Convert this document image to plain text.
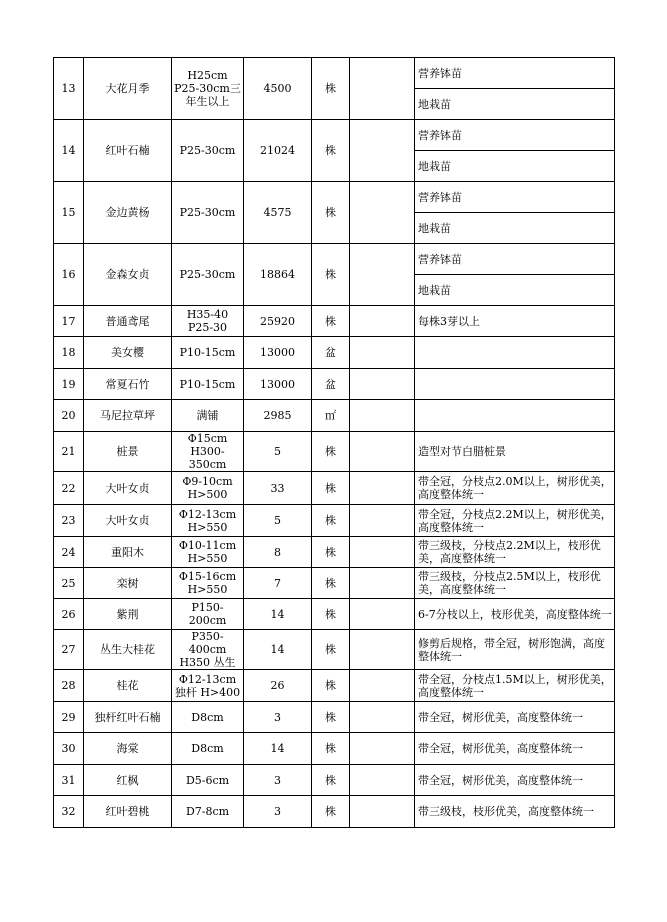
13	大花月季	H25cm
P25-30cm三年生以上	4500	株		营养钵苗
						地栽苗
14	红叶石楠	P25-30cm	21024	株		营养钵苗
						地栽苗
15	金边黄杨	P25-30cm	4575	株		营养钵苗
						地栽苗
16	金森女贞	P25-30cm	18864	株		营养钵苗
						地栽苗
17	普通鸢尾	H35-40
P25-30	25920	株		每株3芽以上
18	美女樱	P10-15cm	13000	盆		
19	常夏石竹	P10-15cm	13000	盆		
20	马尼拉草坪	满铺	2985	㎡		
21	桩景	Φ15cm
H300-350cm	5	株		造型对节白腊桩景
22	大叶女贞	Φ9-10cm
H>500	33	株		带全冠，分枝点2.0M以上，树形优美，高度整体统一
23	大叶女贞	Φ12-13cm
H>550	5	株		带全冠，分枝点2.2M以上，树形优美，高度整体统一
24	重阳木	Φ10-11cm
H>550	8	株		带三级枝，分枝点2.2M以上，枝形优美，高度整体统一
25	栾树	Φ15-16cm
H>550	7	株		带三级枝，分枝点2.5M以上，枝形优美，高度整体统一
26	紫荆	P150-200cm	14	株		6-7分枝以上，枝形优美，高度整体统一
27	丛生大桂花	P350-400cm
H350 丛生	14	株		修剪后规格，带全冠，树形饱满，高度整体统一
28	桂花	Φ12-13cm
独杆 H>400	26	株		带全冠，分枝点1.5M以上，树形优美，高度整体统一
29	独杆红叶石楠	D8cm	3	株		带全冠，树形优美，高度整体统一
30	海棠	D8cm	14	株		带全冠，树形优美，高度整体统一
31	红枫	D5-6cm	3	株		带全冠，树形优美，高度整体统一
32	红叶碧桃	D7-8cm	3	株		带三级枝，枝形优美，高度整体统一
